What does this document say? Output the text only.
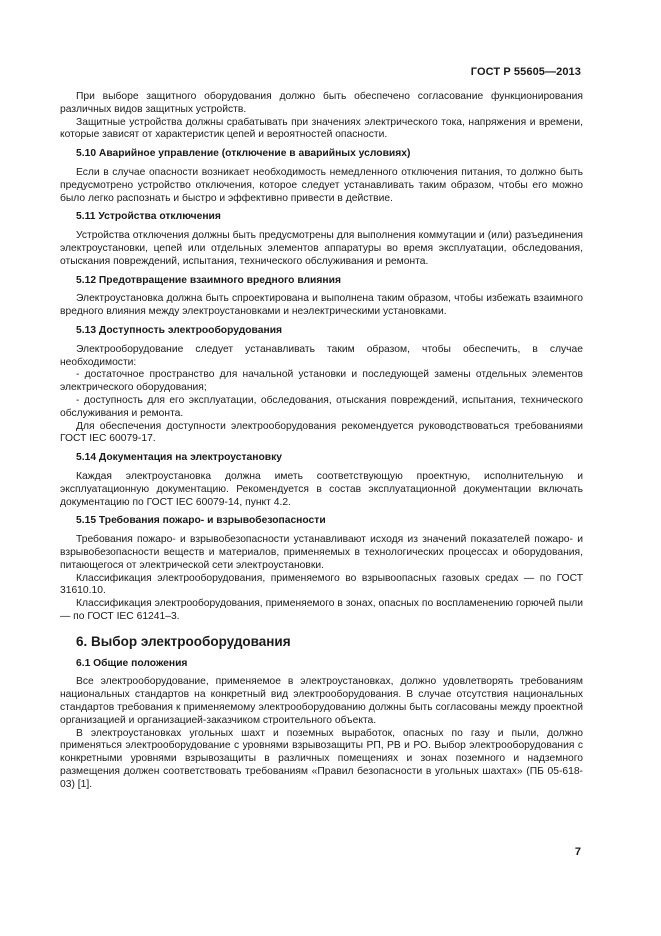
ГОСТ Р 55605—2013
При выборе защитного оборудования должно быть обеспечено согласование функционирования различных видов защитных устройств.
Защитные устройства должны срабатывать при значениях электрического тока, напряжения и времени, которые зависят от характеристик цепей и вероятностей опасности.
5.10 Аварийное управление (отключение в аварийных условиях)
Если в случае опасности возникает необходимость немедленного отключения питания, то должно быть предусмотрено устройство отключения, которое следует устанавливать таким образом, чтобы его можно было легко распознать и быстро и эффективно привести в действие.
5.11 Устройства отключения
Устройства отключения должны быть предусмотрены для выполнения коммутации и (или) разъединения электроустановки, цепей или отдельных элементов аппаратуры во время эксплуатации, обследования, отыскания повреждений, испытания, технического обслуживания и ремонта.
5.12 Предотвращение взаимного вредного влияния
Электроустановка должна быть спроектирована и выполнена таким образом, чтобы избежать взаимного вредного влияния между электроустановками и неэлектрическими установками.
5.13 Доступность электрооборудования
Электрооборудование следует устанавливать таким образом, чтобы обеспечить, в случае необходимости:
- достаточное пространство для начальной установки и последующей замены отдельных элементов электрического оборудования;
- доступность для его эксплуатации, обследования, отыскания повреждений, испытания, технического обслуживания и ремонта.
Для обеспечения доступности электрооборудования рекомендуется руководствоваться требованиями ГОСТ IEC 60079-17.
5.14 Документация на электроустановку
Каждая электроустановка должна иметь соответствующую проектную, исполнительную и эксплуатационную документацию. Рекомендуется в состав эксплуатационной документации включать документацию по ГОСТ IEC 60079-14, пункт 4.2.
5.15 Требования пожаро- и взрывобезопасности
Требования пожаро- и взрывобезопасности устанавливают исходя из значений показателей пожаро- и взрывобезопасности веществ и материалов, применяемых в технологических процессах и оборудования, питающегося от электрической сети электроустановки.
Классификация электрооборудования, применяемого во взрывоопасных газовых средах — по ГОСТ 31610.10.
Классификация электрооборудования, применяемого в зонах, опасных по воспламенению горючей пыли — по ГОСТ IEC 61241–3.
6. Выбор электрооборудования
6.1 Общие положения
Все электрооборудование, применяемое в электроустановках, должно удовлетворять требованиям национальных стандартов на конкретный вид электрооборудования. В случае отсутствия национальных стандартов требования к применяемому электрооборудованию должны быть согласованы между проектной организацией и организацией-заказчиком строительного объекта.
В электроустановках угольных шахт и поземных выработок, опасных по газу и пыли, должно применяться электрооборудование с уровнями взрывозащиты РП, РВ и РО. Выбор электрооборудования с конкретными уровнями взрывозащиты в различных помещениях и зонах поземного и надземного размещения должен соответствовать требованиям «Правил безопасности в угольных шахтах» (ПБ 05-618-03) [1].
7
